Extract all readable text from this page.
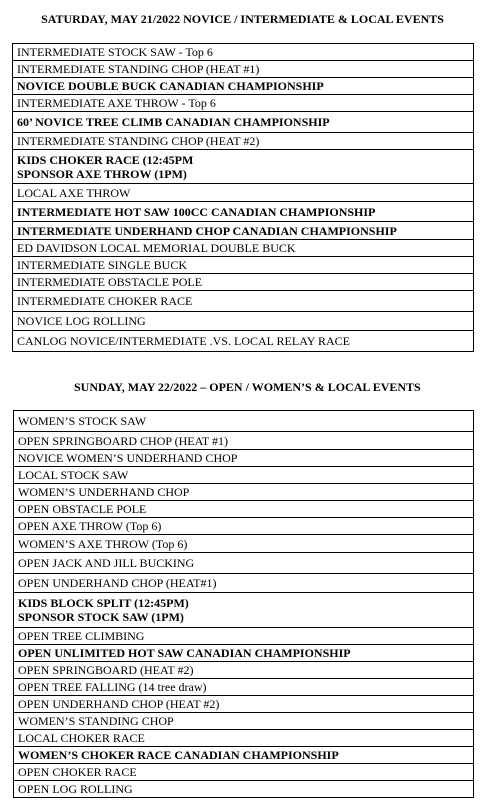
SATURDAY, MAY 21/2022 NOVICE / INTERMEDIATE & LOCAL EVENTS
INTERMEDIATE STOCK SAW - Top 6

INTERMEDIATE STANDING CHOP (HEAT #1)

NOVICE DOUBLE BUCK CANADIAN CHAMPIONSHIP

INTERMEDIATE AXE THROW - Top 6

60’ NOVICE TREE CLIMB CANADIAN CHAMPIONSHIP

INTERMEDIATE STANDING CHOP (HEAT #2)

KIDS CHOKER RACE (12:45PM
SPONSOR AXE THROW (1PM)

LOCAL AXE THROW

INTERMEDIATE HOT SAW 100CC CANADIAN CHAMPIONSHIP

INTERMEDIATE UNDERHAND CHOP CANADIAN CHAMPIONSHIP

ED DAVIDSON LOCAL MEMORIAL DOUBLE BUCK

INTERMEDIATE SINGLE BUCK

INTERMEDIATE OBSTACLE POLE

INTERMEDIATE CHOKER RACE

NOVICE LOG ROLLING

CANLOG NOVICE/INTERMEDIATE .VS. LOCAL RELAY RACE
SUNDAY, MAY 22/2022 – OPEN / WOMEN’S & LOCAL EVENTS
WOMEN’S STOCK SAW

OPEN SPRINGBOARD CHOP (HEAT #1)

NOVICE WOMEN’S UNDERHAND CHOP

LOCAL STOCK SAW

WOMEN’S UNDERHAND CHOP

OPEN OBSTACLE POLE

OPEN AXE THROW (Top 6)

WOMEN’S AXE THROW (Top 6)

OPEN JACK AND JILL BUCKING

OPEN UNDERHAND CHOP (HEAT#1)

KIDS BLOCK SPLIT (12:45PM)
SPONSOR STOCK SAW (1PM)

OPEN TREE CLIMBING

OPEN UNLIMITED HOT SAW CANADIAN CHAMPIONSHIP

OPEN SPRINGBOARD (HEAT #2)

OPEN TREE FALLING (14 tree draw)

OPEN UNDERHAND CHOP (HEAT #2)

WOMEN’S STANDING CHOP

LOCAL CHOKER RACE

WOMEN’S CHOKER RACE CANADIAN CHAMPIONSHIP

OPEN CHOKER RACE

OPEN LOG ROLLING
